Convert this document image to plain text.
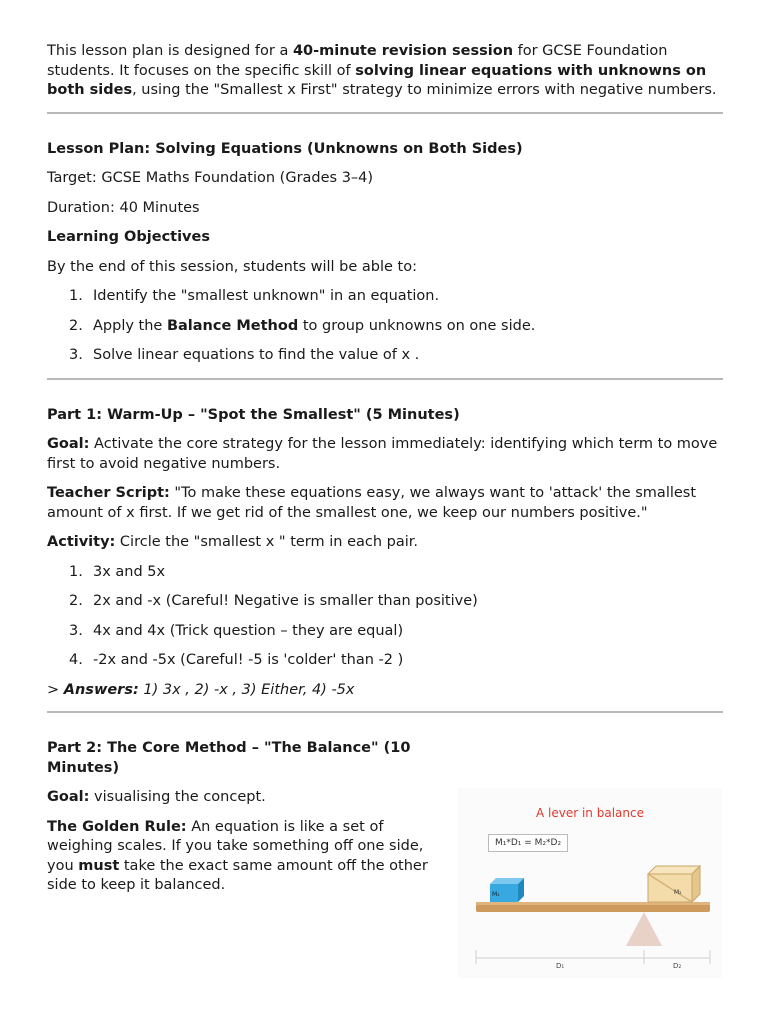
This lesson plan is designed for a 40-minute revision session for GCSE Foundation students. It focuses on the specific skill of solving linear equations with unknowns on both sides, using the "Smallest x First" strategy to minimize errors with negative numbers.

Lesson Plan: Solving Equations (Unknowns on Both Sides)

Target: GCSE Maths Foundation (Grades 3–4)

Duration: 40 Minutes

Learning Objectives

By the end of this session, students will be able to:

1. Identify the "smallest unknown" in an equation.
2. Apply the Balance Method to group unknowns on one side.
3. Solve linear equations to find the value of x .

Part 1: Warm-Up – "Spot the Smallest" (5 Minutes)

Goal: Activate the core strategy for the lesson immediately: identifying which term to move first to avoid negative numbers.

Teacher Script: "To make these equations easy, we always want to 'attack' the smallest amount of x first. If we get rid of the smallest one, we keep our numbers positive."

Activity: Circle the "smallest x " term in each pair.

1. 3x and 5x
2. 2x and -x (Careful! Negative is smaller than positive)
3. 4x and 4x (Trick question – they are equal)
4. -2x and -5x (Careful! -5 is 'colder' than -2 )

> Answers: 1) 3x , 2) -x , 3) Either, 4) -5x

Part 2: The Core Method – "The Balance" (10 Minutes)

Goal: visualising the concept.

The Golden Rule: An equation is like a set of weighing scales. If you take something off one side, you must take the exact same amount off the other side to keep it balanced.

A lever in balance
M₁*D₁ = M₂*D₂
M₁	M₂
D₁	D₂
